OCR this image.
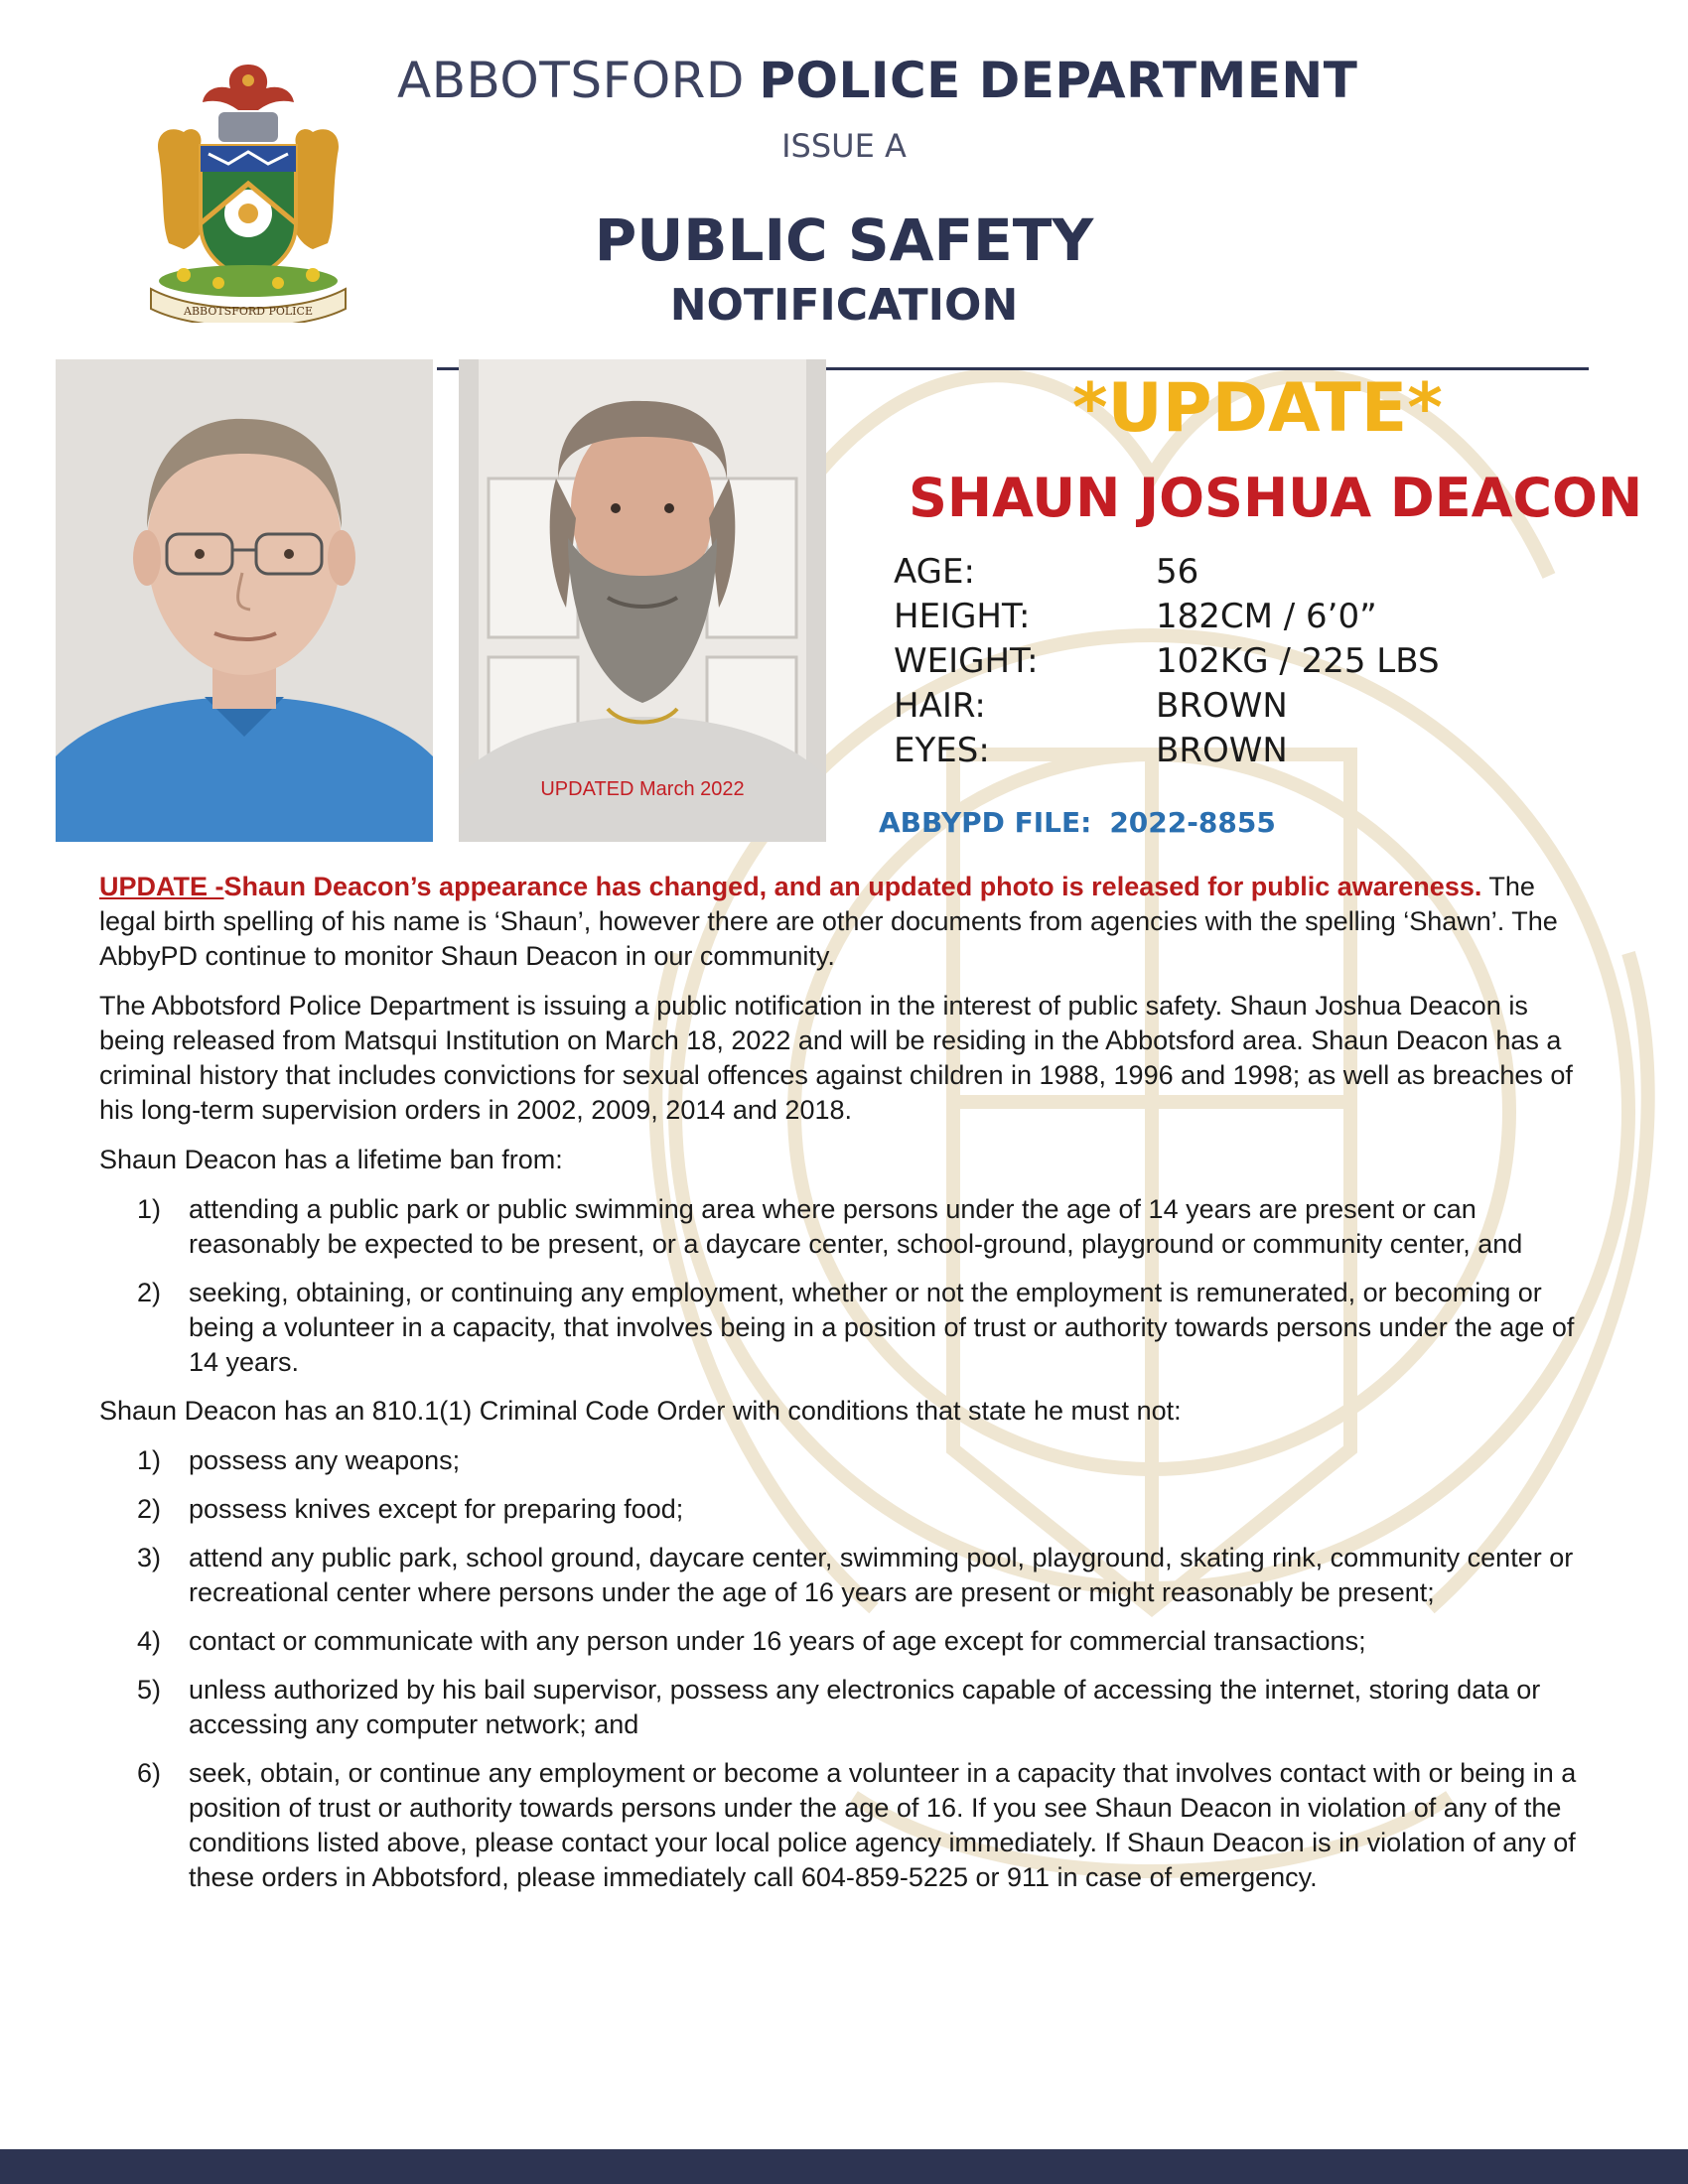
ABBOTSFORD POLICE
ABBOTSFORD POLICE DEPARTMENT
ISSUE A
PUBLIC SAFETY
NOTIFICATION
UPDATED March 2022
*UPDATE*
SHAUN JOSHUA DEACON
AGE:	56
HEIGHT:	182CM / 6’0”
WEIGHT:	102KG / 225 LBS
HAIR:	BROWN
EYES:	BROWN
ABBYPD FILE: 2022-8855

UPDATE -Shaun Deacon’s appearance has changed, and an updated photo is released for public awareness. The legal birth spelling of his name is ‘Shaun’, however there are other documents from agencies with the spelling ‘Shawn’. The AbbyPD continue to monitor Shaun Deacon in our community.

The Abbotsford Police Department is issuing a public notification in the interest of public safety. Shaun Joshua Deacon is being released from Matsqui Institution on March 18, 2022 and will be residing in the Abbotsford area. Shaun Deacon has a criminal history that includes convictions for sexual offences against children in 1988, 1996 and 1998; as well as breaches of his long-term supervision orders in 2002, 2009, 2014 and 2018.

Shaun Deacon has a lifetime ban from:

1)	attending a public park or public swimming area where persons under the age of 14 years are present or can reasonably be expected to be present, or a daycare center, school-ground, playground or community center, and
2)	seeking, obtaining, or continuing any employment, whether or not the employment is remunerated, or becoming or being a volunteer in a capacity, that involves being in a position of trust or authority towards persons under the age of 14 years.

Shaun Deacon has an 810.1(1) Criminal Code Order with conditions that state he must not:

1)	possess any weapons;
2)	possess knives except for preparing food;
3)	attend any public park, school ground, daycare center, swimming pool, playground, skating rink, community center or recreational center where persons under the age of 16 years are present or might reasonably be present;
4)	contact or communicate with any person under 16 years of age except for commercial transactions;
5)	unless authorized by his bail supervisor, possess any electronics capable of accessing the internet, storing data or accessing any computer network; and
6)	seek, obtain, or continue any employment or become a volunteer in a capacity that involves contact with or being in a position of trust or authority towards persons under the age of 16. If you see Shaun Deacon in violation of any of the conditions listed above, please contact your local police agency immediately. If Shaun Deacon is in violation of any of these orders in Abbotsford, please immediately call 604-859-5225 or 911 in case of emergency.
